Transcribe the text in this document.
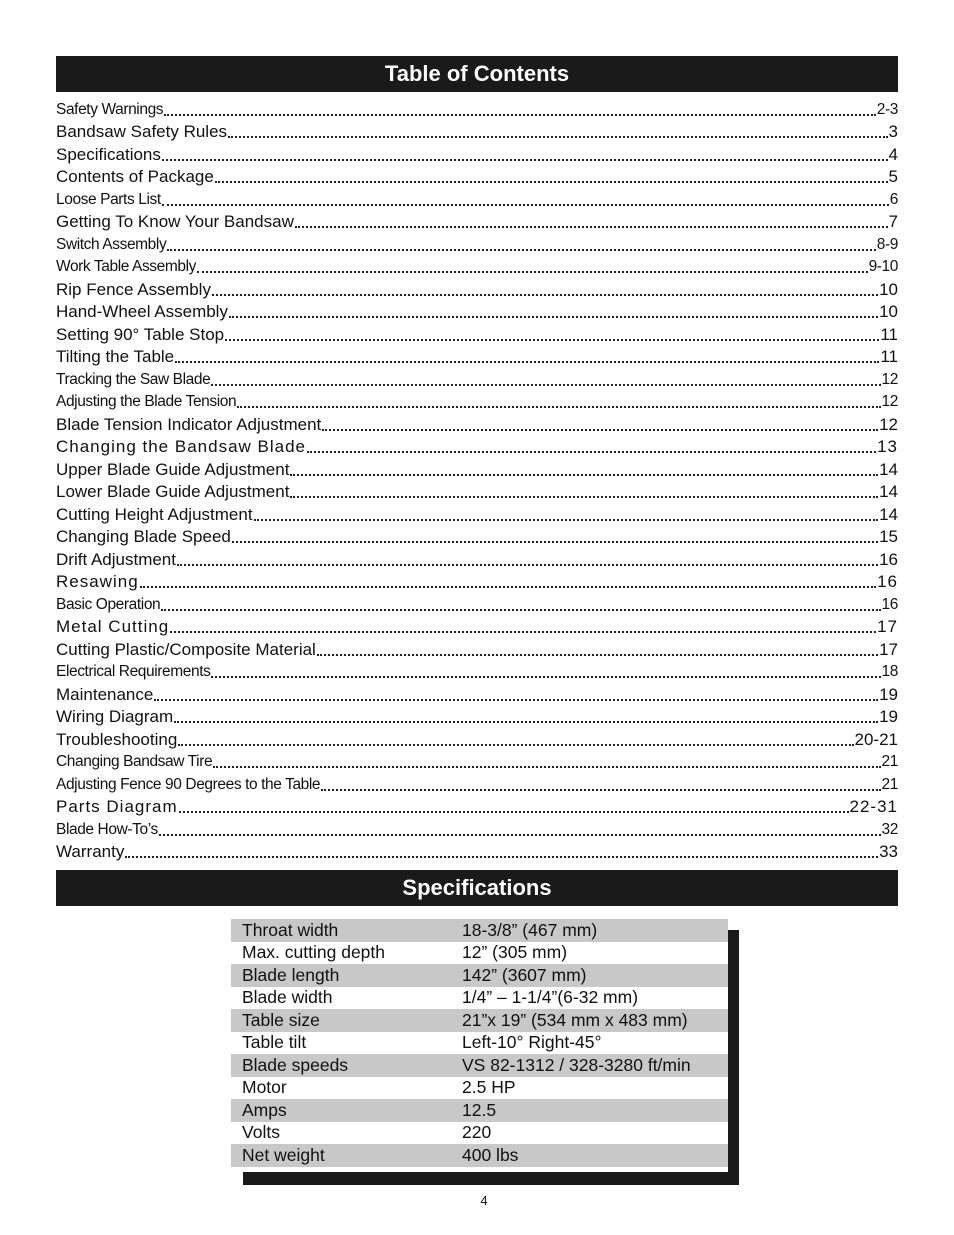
Table of Contents
Safety Warnings	2-3
Bandsaw Safety Rules	3
Specifications	4
Contents of Package	5
Loose Parts List	6
Getting To Know Your Bandsaw	7
Switch Assembly	8-9
Work Table Assembly	9-10
Rip Fence Assembly	10
Hand-Wheel Assembly	10
Setting 90° Table Stop	11
Tilting the Table	11
Tracking the Saw Blade	12
Adjusting the Blade Tension	12
Blade Tension Indicator Adjustment	12
Changing the Bandsaw Blade	13
Upper Blade Guide Adjustment	14
Lower Blade Guide Adjustment	14
Cutting Height Adjustment	14
Changing Blade Speed	15
Drift Adjustment	16
Resawing	16
Basic Operation	16
Metal Cutting	17
Cutting Plastic/Composite Material	17
Electrical Requirements	18
Maintenance	19
Wiring Diagram	19
Troubleshooting	20-21
Changing Bandsaw Tire	21
Adjusting Fence 90 Degrees to the Table	21
Parts Diagram	22-31
Blade How-To’s	32
Warranty	33
Specifications
Throat width	18-3/8” (467 mm)
Max. cutting depth	12” (305 mm)
Blade length	142” (3607 mm)
Blade width	1/4” – 1-1/4”(6-32 mm)
Table size	21”x 19” (534 mm x 483 mm)
Table tilt	Left-10° Right-45°
Blade speeds	VS 82-1312 / 328-3280 ft/min
Motor	2.5 HP
Amps	12.5
Volts	220
Net weight	400 lbs
4
